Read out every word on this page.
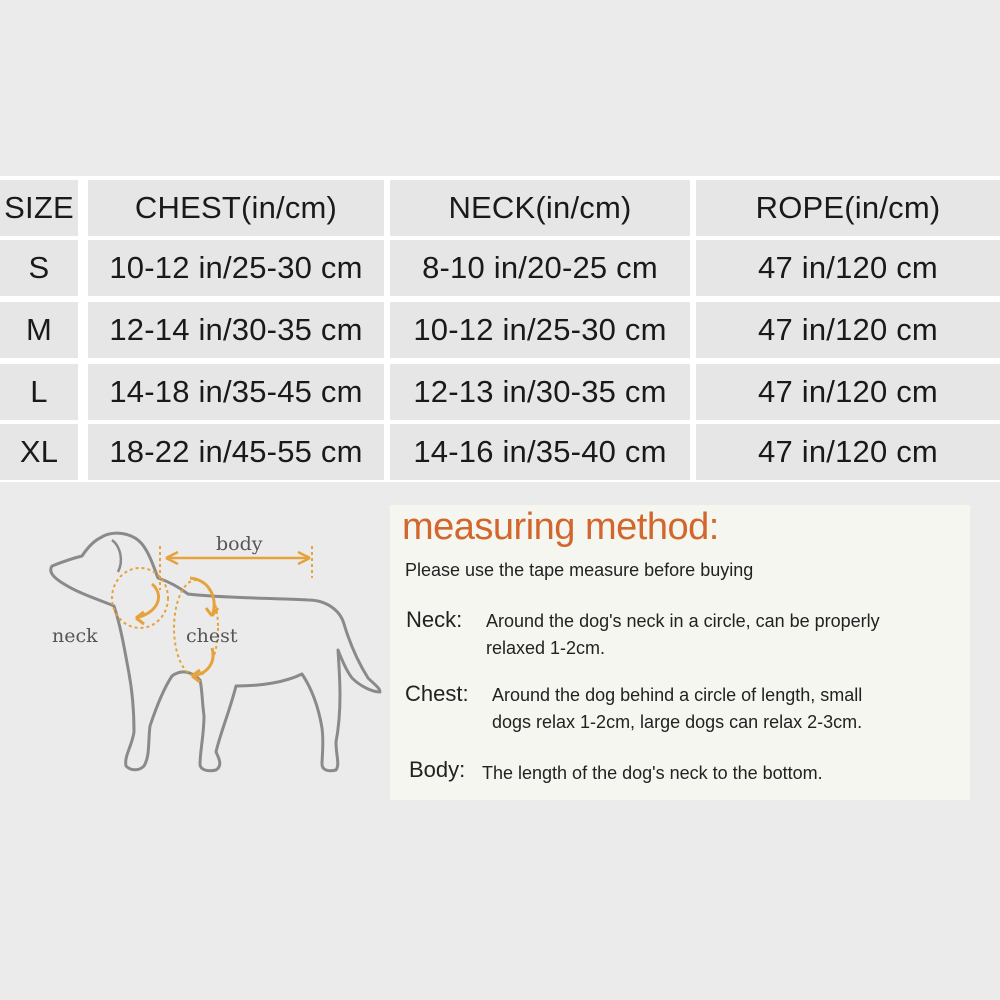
SIZE	CHEST(in/cm)	NECK(in/cm)	ROPE(in/cm)
S	10-12 in/25-30 cm	8-10 in/20-25 cm	47 in/120 cm
M	12-14 in/30-35 cm	10-12 in/25-30 cm	47 in/120 cm
L	14-18 in/35-45 cm	12-13 in/30-35 cm	47 in/120 cm
XL	18-22 in/45-55 cm	14-16 in/35-40 cm	47 in/120 cm
body
neck	chest
measuring method:
Please use the tape measure before buying
Neck: Around the dog's neck in a circle, can be properly
relaxed 1-2cm.
Chest: Around the dog behind a circle of length, small
dogs relax 1-2cm, large dogs can relax 2-3cm.
Body: The length of the dog's neck to the bottom.
